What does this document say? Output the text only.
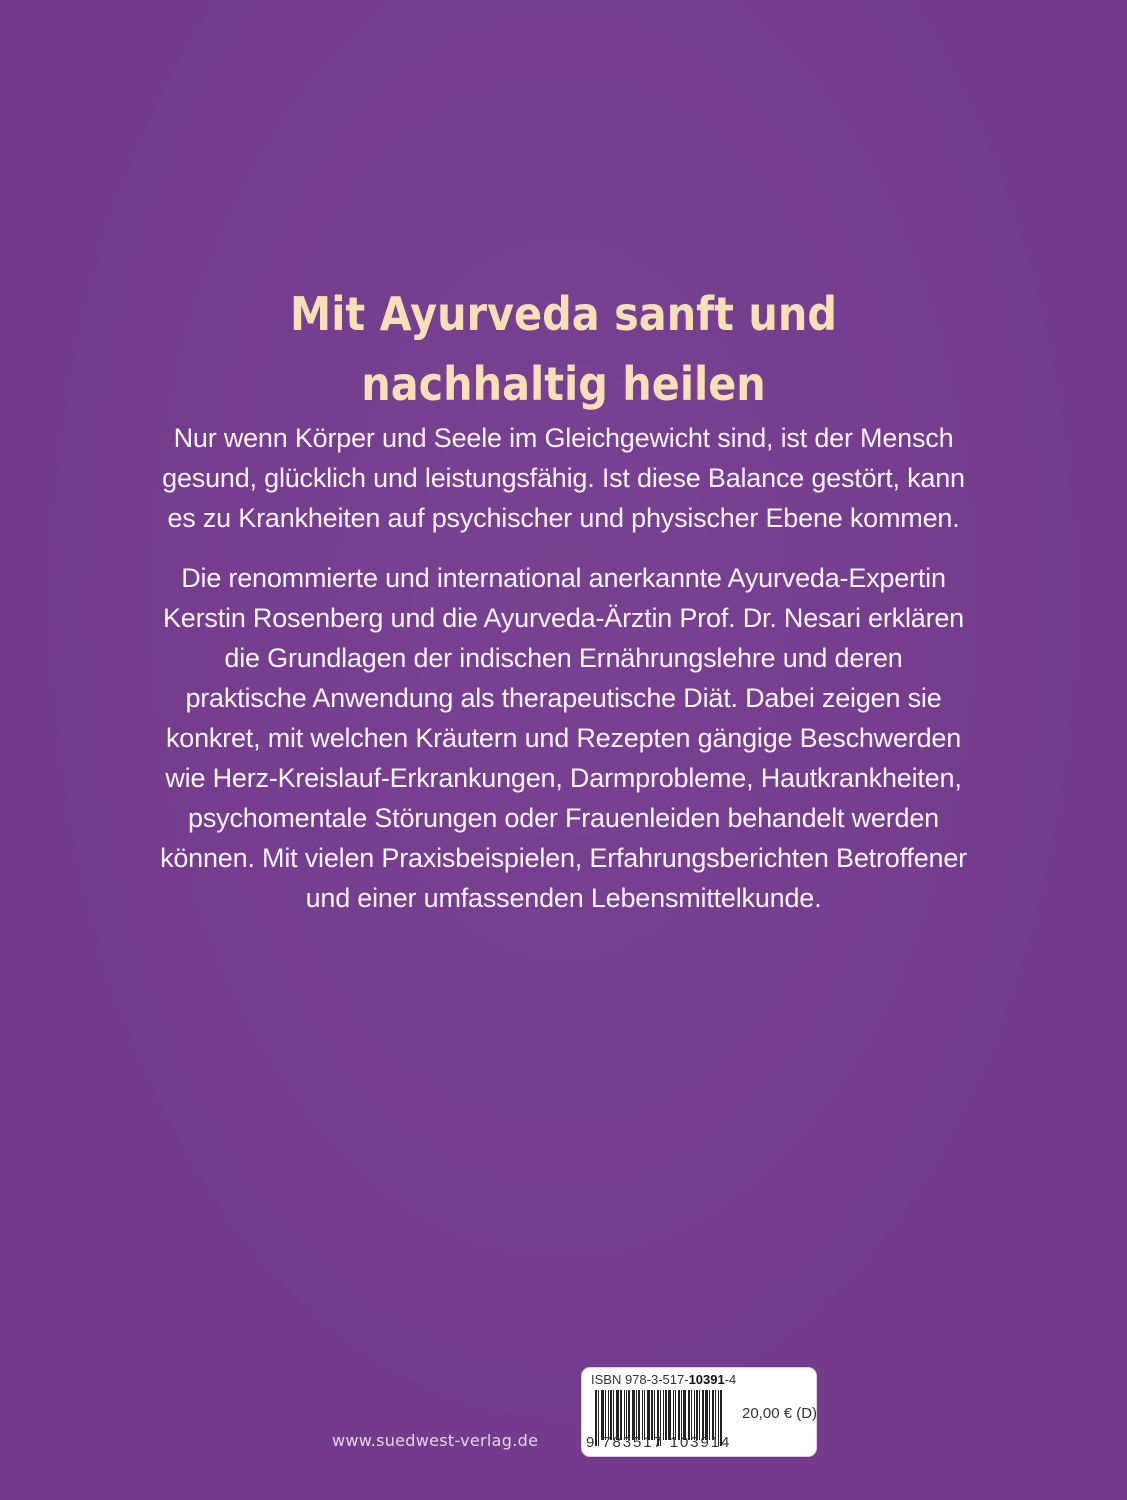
Mit Ayurveda sanft und
nachhaltig heilen
Nur wenn Körper und Seele im Gleichgewicht sind, ist der Mensch
gesund, glücklich und leistungsfähig. Ist diese Balance gestört, kann
es zu Krankheiten auf psychischer und physischer Ebene kommen.
Die renommierte und international anerkannte Ayurveda-Expertin
Kerstin Rosenberg und die Ayurveda-Ärztin Prof. Dr. Nesari erklären
die Grundlagen der indischen Ernährungslehre und deren
praktische Anwendung als therapeutische Diät. Dabei zeigen sie
konkret, mit welchen Kräutern und Rezepten gängige Beschwerden
wie Herz-Kreislauf-Erkrankungen, Darmprobleme, Hautkrankheiten,
psychomentale Störungen oder Frauenleiden behandelt werden
können. Mit vielen Praxisbeispielen, Erfahrungsberichten Betroffener
und einer umfassenden Lebensmittelkunde.
www.suedwest-verlag.de
ISBN 978-3-517-10391-4
9 783517 103914
20,00 € (D)
